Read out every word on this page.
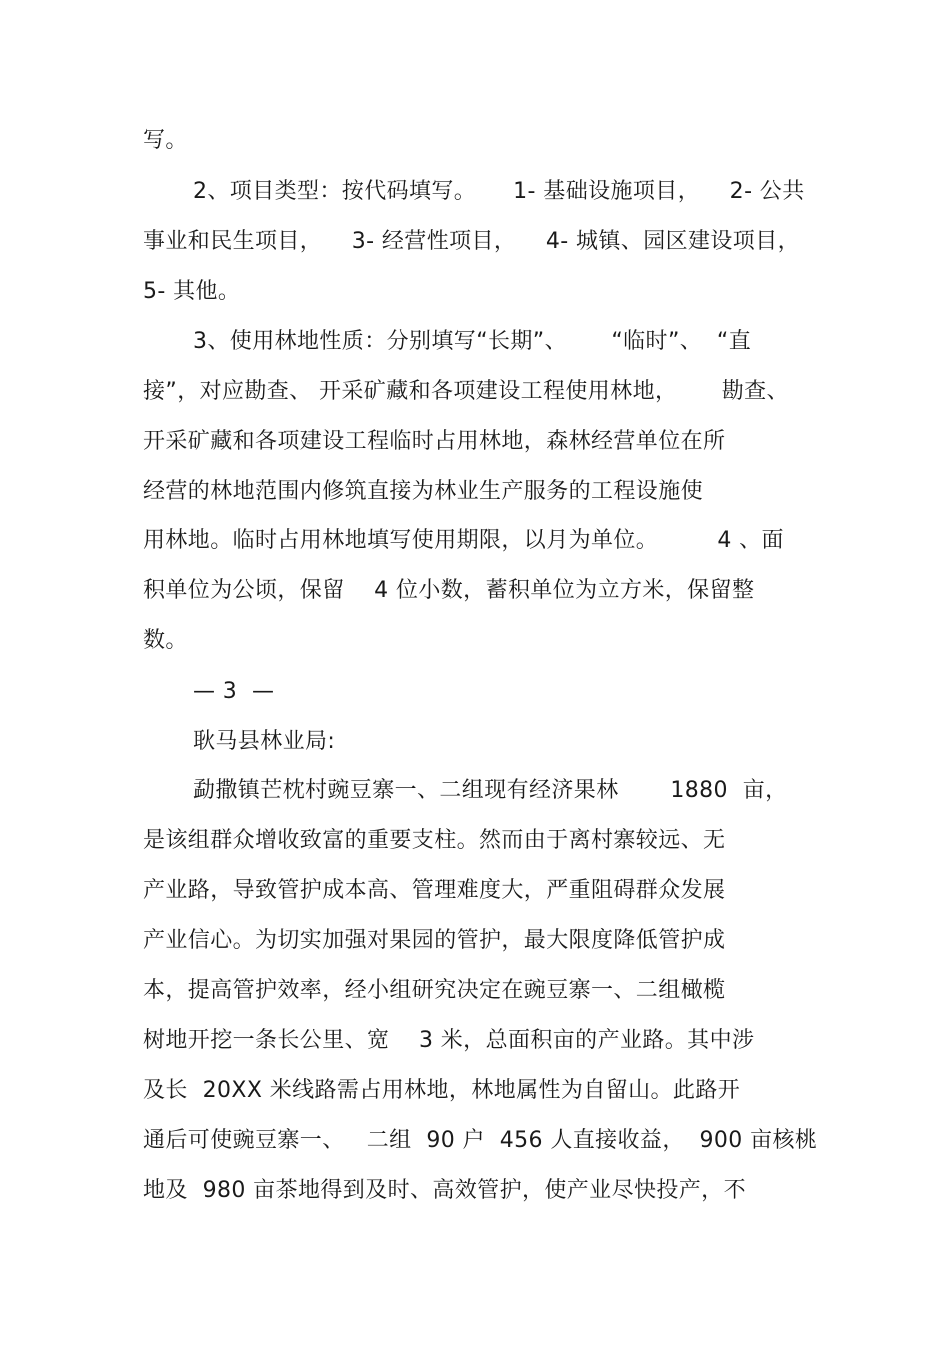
写。
2、项目类型：按代码填写。     1- 基础设施项目，    2- 公共
事业和民生项目，    3- 经营性项目，    4- 城镇、园区建设项目，
5- 其他。
3、使用林地性质：分别填写“长期”、      “临时”、  “直
接”，对应勘查、 开采矿藏和各项建设工程使用林地，      勘查、
开采矿藏和各项建设工程临时占用林地，森林经营单位在所
经营的林地范围内修筑直接为林业生产服务的工程设施使
用林地。临时占用林地填写使用期限，以月为单位。        4 、面
积单位为公顷，保留    4 位小数，蓄积单位为立方米，保留整
数。
— 3  —
耿马县林业局:
勐撒镇芒枕村豌豆寨一、二组现有经济果林       1880  亩，
是该组群众增收致富的重要支柱。然而由于离村寨较远、无
产业路，导致管护成本高、管理难度大，严重阻碍群众发展
产业信心。为切实加强对果园的管护，最大限度降低管护成
本，提高管护效率，经小组研究决定在豌豆寨一、二组橄榄
树地开挖一条长公里、宽    3 米，总面积亩的产业路。其中涉
及长  20XX 米线路需占用林地，林地属性为自留山。此路开
通后可使豌豆寨一、   二组  90 户  456 人直接收益，  900 亩核桃
地及  980 亩茶地得到及时、高效管护，使产业尽快投产，不
